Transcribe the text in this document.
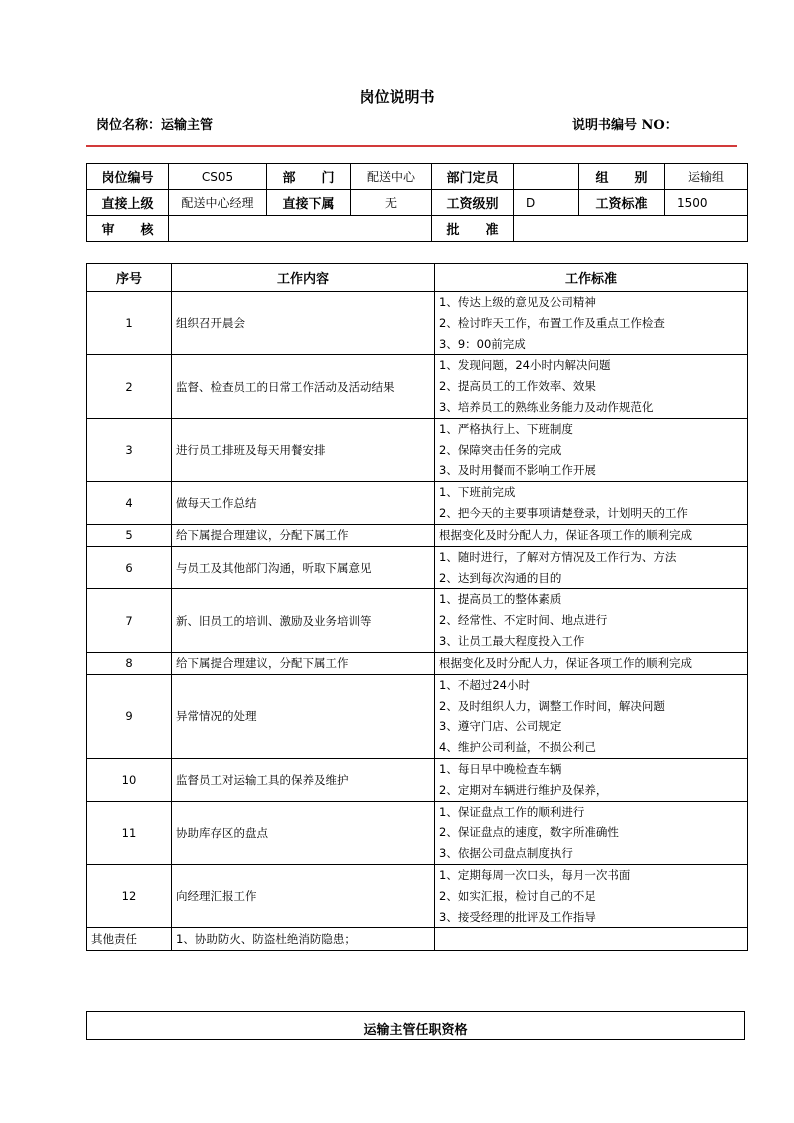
岗位说明书
岗位名称：运输主管	说明书编号 NO：
岗位编号	CS05	部　　门	配送中心	部门定员		组　　别	运输组
直接上级	配送中心经理	直接下属	无	工资级别	D	工资标准	1500
审　　核				批　　准			
序号	工作内容	工作标准
1	组织召开晨会	1、传达上级的意见及公司精神
2、检讨昨天工作，布置工作及重点工作检查
3、9：00前完成

2	监督、检查员工的日常工作活动及活动结果	1、发现问题，24小时内解决问题
2、提高员工的工作效率、效果
3、培养员工的熟练业务能力及动作规范化

3	进行员工排班及每天用餐安排	1、严格执行上、下班制度
2、保障突击任务的完成
3、及时用餐而不影响工作开展

4	做每天工作总结	1、下班前完成
2、把今天的主要事项请楚登录，计划明天的工作

5	给下属提合理建议，分配下属工作	根据变化及时分配人力，保证各项工作的顺利完成

6	与员工及其他部门沟通，听取下属意见	1、随时进行，了解对方情况及工作行为、方法
2、达到每次沟通的目的

7	新、旧员工的培训、激励及业务培训等	1、提高员工的整体素质
2、经常性、不定时间、地点进行
3、让员工最大程度投入工作

8	给下属提合理建议，分配下属工作	根据变化及时分配人力，保证各项工作的顺利完成

9	异常情况的处理	1、不超过24小时
2、及时组织人力，调整工作时间，解决问题
3、遵守门店、公司规定
4、维护公司利益，不损公利己

10	监督员工对运输工具的保养及维护	1、每日早中晚检查车辆
2、定期对车辆进行维护及保养，

11	协助库存区的盘点	1、保证盘点工作的顺利进行
2、保证盘点的速度，数字所准确性
3、依据公司盘点制度执行

12	向经理汇报工作	1、定期每周一次口头，每月一次书面
2、如实汇报，检讨自己的不足
3、接受经理的批评及工作指导

其他责任	1、协助防火、防盗杜绝消防隐患；	
运输主管任职资格
